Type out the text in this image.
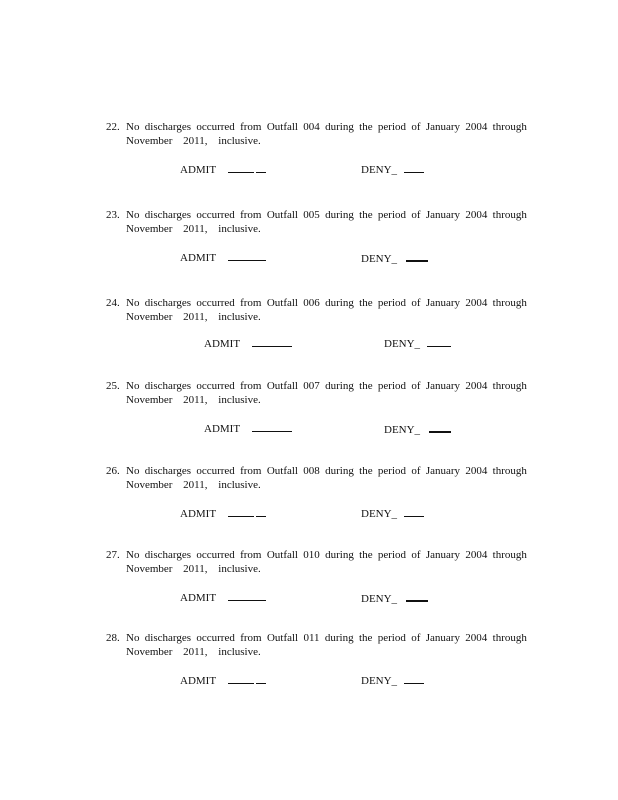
22. No discharges occurred from Outfall 004 during the period of January 2004 through
November 2011, inclusive.
ADMIT	DENY_
23. No discharges occurred from Outfall 005 during the period of January 2004 through
November 2011, inclusive.
ADMIT	DENY_
24. No discharges occurred from Outfall 006 during the period of January 2004 through
November 2011, inclusive.
ADMIT	DENY_
25. No discharges occurred from Outfall 007 during the period of January 2004 through
November 2011, inclusive.
ADMIT	DENY_
26. No discharges occurred from Outfall 008 during the period of January 2004 through
November 2011, inclusive.
ADMIT	DENY_
27. No discharges occurred from Outfall 010 during the period of January 2004 through
November 2011, inclusive.
ADMIT	DENY_
28. No discharges occurred from Outfall 011 during the period of January 2004 through
November 2011, inclusive.
ADMIT	DENY_
